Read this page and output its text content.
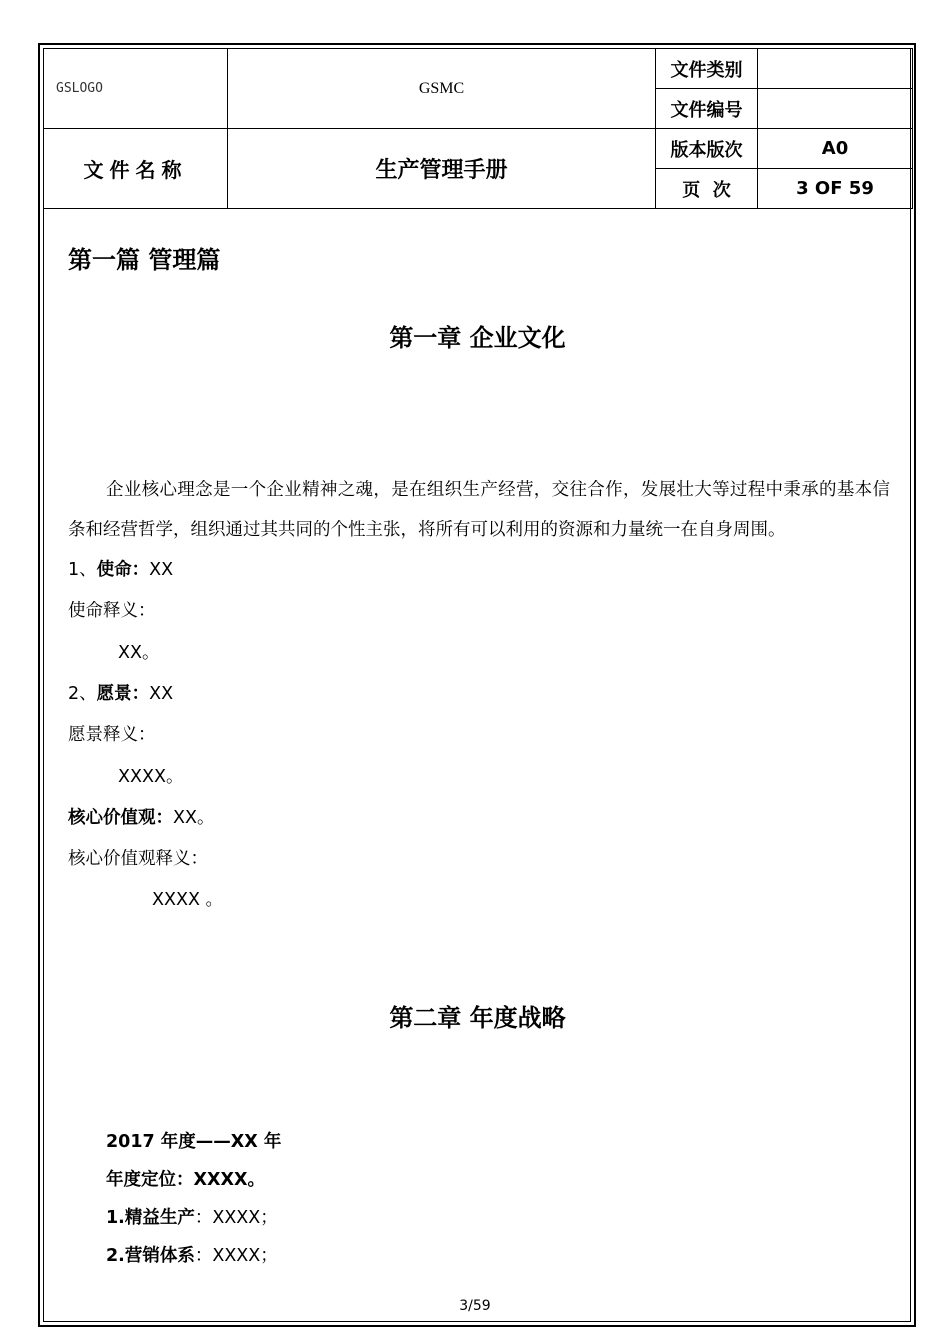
GSLOGO	GSMC	文件类别	
		文件编号	
文件名称	生产管理手册	版本版次	A0
		页  次	3 OF 59
第一篇 管理篇
第一章 企业文化
企业核心理念是一个企业精神之魂，是在组织生产经营，交往合作，发展壮大等过程中秉承的基本信条和经营哲学，组织通过其共同的个性主张，将所有可以利用的资源和力量统一在自身周围。
1、使命：XX
使命释义：
XX。
2、愿景：XX
愿景释义：
XXXX。
核心价值观：XX。
核心价值观释义：
XXXX 。
第二章 年度战略
2017 年度——XX 年
年度定位：XXXX。
1.精益生产：XXXX；
2.营销体系：XXXX；
3/59
